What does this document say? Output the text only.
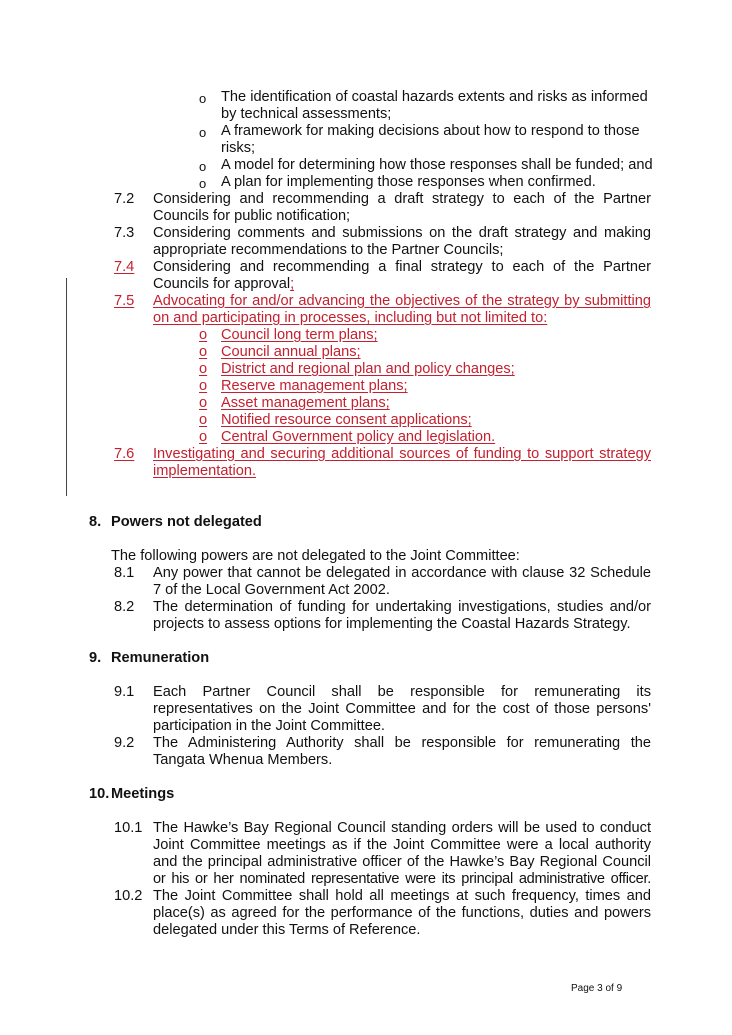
o The identification of coastal hazards extents and risks as informed
by technical assessments;
o A framework for making decisions about how to respond to those
risks;
o A model for determining how those responses shall be funded; and
o A plan for implementing those responses when confirmed.
7.2 Considering and recommending a draft strategy to each of the Partner
Councils for public notification;
7.3 Considering comments and submissions on the draft strategy and making
appropriate recommendations to the Partner Councils;
7.4	Considering and recommending a final strategy to each of the Partner
Councils for approval;
7.5	Advocating for and/or advancing the objectives of the strategy by submitting
on and participating in processes, including but not limited to:
o Council long term plans;
o Council annual plans;
o District and regional plan and policy changes;
o Reserve management plans;
o Asset management plans;
o Notified resource consent applications;
o Central Government policy and legislation.
7.6	Investigating and securing additional sources of funding to support strategy
implementation.
8. Powers not delegated
The following powers are not delegated to the Joint Committee:
8.1 Any power that cannot be delegated in accordance with clause 32 Schedule
7 of the Local Government Act 2002.
8.2 The determination of funding for undertaking investigations, studies and/or
projects to assess options for implementing the Coastal Hazards Strategy.
9. Remuneration
9.1 Each Partner Council shall be responsible for remunerating its
representatives on the Joint Committee and for the cost of those persons'
participation in the Joint Committee.
9.2 The Administering Authority shall be responsible for remunerating the
Tangata Whenua Members.
10. Meetings
10.1 The Hawke’s Bay Regional Council standing orders will be used to conduct
Joint Committee meetings as if the Joint Committee were a local authority
and the principal administrative officer of the Hawke’s Bay Regional Council
or his or her nominated representative were its principal administrative officer.
10.2 The Joint Committee shall hold all meetings at such frequency, times and
place(s) as agreed for the performance of the functions, duties and powers
delegated under this Terms of Reference.
Page 3 of 9
